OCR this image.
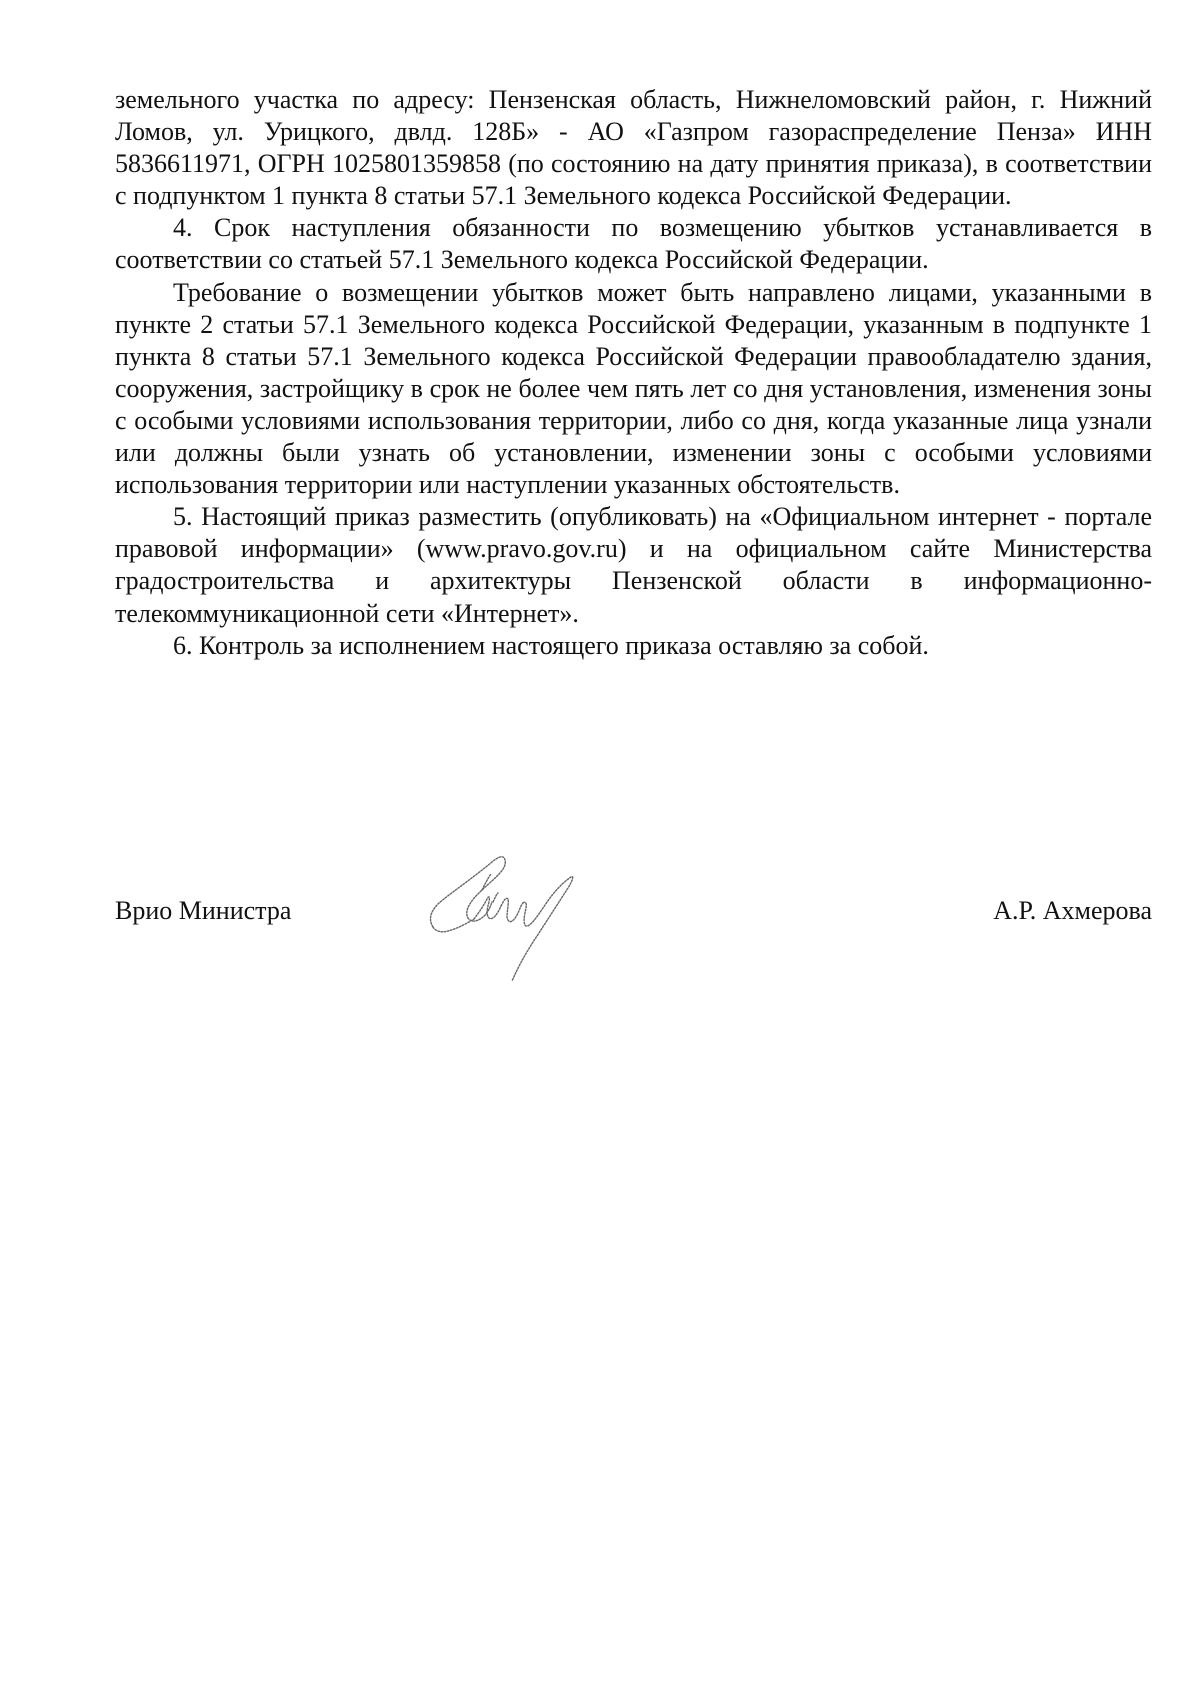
земельного участка по адресу: Пензенская область, Нижнеломовский район, г. Нижний Ломов, ул. Урицкого, двлд. 128Б» - АО «Газпром газораспределение Пенза» ИНН 5836611971, ОГРН 1025801359858 (по состоянию на дату принятия приказа), в соответствии с подпунктом 1 пункта 8 статьи 57.1 Земельного кодекса Российской Федерации.

4. Срок наступления обязанности по возмещению убытков устанавливается в соответствии со статьей 57.1 Земельного кодекса Российской Федерации.

Требование о возмещении убытков может быть направлено лицами, указанными в пункте 2 статьи 57.1 Земельного кодекса Российской Федерации, указанным в подпункте 1 пункта 8 статьи 57.1 Земельного кодекса Российской Федерации правообладателю здания, сооружения, застройщику в срок не более чем пять лет со дня установления, изменения зоны с особыми условиями использования территории, либо со дня, когда указанные лица узнали или должны были узнать об установлении, изменении зоны с особыми условиями использования территории или наступлении указанных обстоятельств.

5. Настоящий приказ разместить (опубликовать) на «Официальном интернет - портале правовой информации» (www.pravo.gov.ru) и на официальном сайте Министерства градостроительства и архитектуры Пензенской области в информационно-телекоммуникационной сети «Интернет».

6. Контроль за исполнением настоящего приказа оставляю за собой.

Врио Министра	А.Р. Ахмерова
